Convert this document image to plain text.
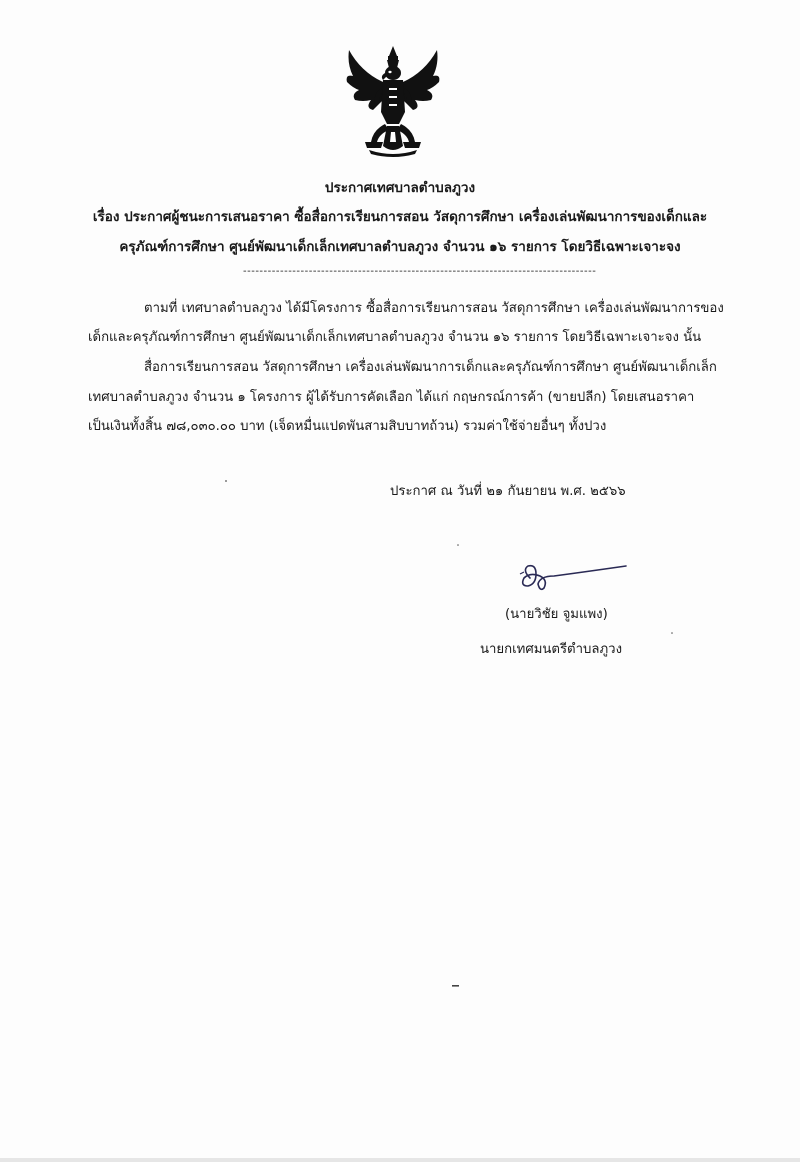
ประกาศเทศบาลตำบลภูวง
เรื่อง ประกาศผู้ชนะการเสนอราคา ซื้อสื่อการเรียนการสอน วัสดุการศึกษา เครื่องเล่นพัฒนาการของเด็กและ
ครุภัณฑ์การศึกษา ศูนย์พัฒนาเด็กเล็กเทศบาลตำบลภูวง จำนวน ๑๖ รายการ โดยวิธีเฉพาะเจาะจง
--------------------------------------------------------------------------------------
ตามที่ เทศบาลตำบลภูวง ได้มีโครงการ ซื้อสื่อการเรียนการสอน วัสดุการศึกษา เครื่องเล่นพัฒนาการของ
เด็กและครุภัณฑ์การศึกษา ศูนย์พัฒนาเด็กเล็กเทศบาลตำบลภูวง จำนวน ๑๖ รายการ โดยวิธีเฉพาะเจาะจง นั้น
สื่อการเรียนการสอน วัสดุการศึกษา เครื่องเล่นพัฒนาการเด็กและครุภัณฑ์การศึกษา ศูนย์พัฒนาเด็กเล็ก
เทศบาลตำบลภูวง จำนวน ๑ โครงการ ผู้ได้รับการคัดเลือก ได้แก่ กฤษกรณ์การค้า (ขายปลีก) โดยเสนอราคา
เป็นเงินทั้งสิ้น ๗๘,๐๓๐.๐๐ บาท (เจ็ดหมื่นแปดพันสามสิบบาทถ้วน) รวมค่าใช้จ่ายอื่นๆ ทั้งปวง
ประกาศ ณ วันที่ ๒๑ กันยายน พ.ศ. ๒๕๖๖
(นายวิชัย จูมแพง)
นายกเทศมนตรีตำบลภูวง
